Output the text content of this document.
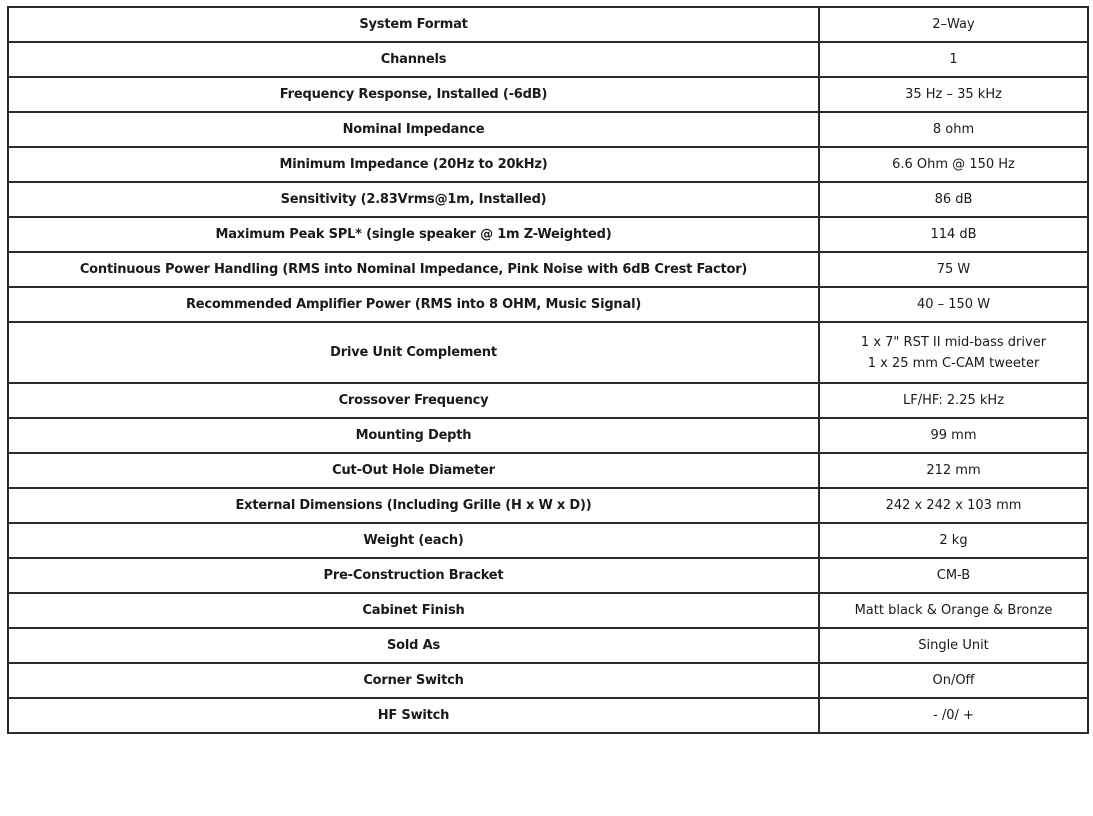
System Format	2–Way
Channels	1
Frequency Response, Installed (-6dB)	35 Hz – 35 kHz
Nominal Impedance	8 ohm
Minimum Impedance (20Hz to 20kHz)	6.6 Ohm @ 150 Hz
Sensitivity (2.83Vrms@1m, Installed)	86 dB
Maximum Peak SPL* (single speaker @ 1m Z-Weighted)	114 dB
Continuous Power Handling (RMS into Nominal Impedance, Pink Noise with 6dB Crest Factor)	75 W
Recommended Amplifier Power (RMS into 8 OHM, Music Signal)	40 – 150 W
Drive Unit Complement	1 x 7" RST II mid-bass driver
1 x 25 mm C-CAM tweeter

Crossover Frequency	LF/HF: 2.25 kHz
Mounting Depth	99 mm
Cut-Out Hole Diameter	212 mm
External Dimensions (Including Grille (H x W x D))	242 x 242 x 103 mm
Weight (each)	2 kg
Pre-Construction Bracket	CM-B
Cabinet Finish	Matt black & Orange & Bronze
Sold As	Single Unit
Corner Switch	On/Off
HF Switch	- /0/ +
